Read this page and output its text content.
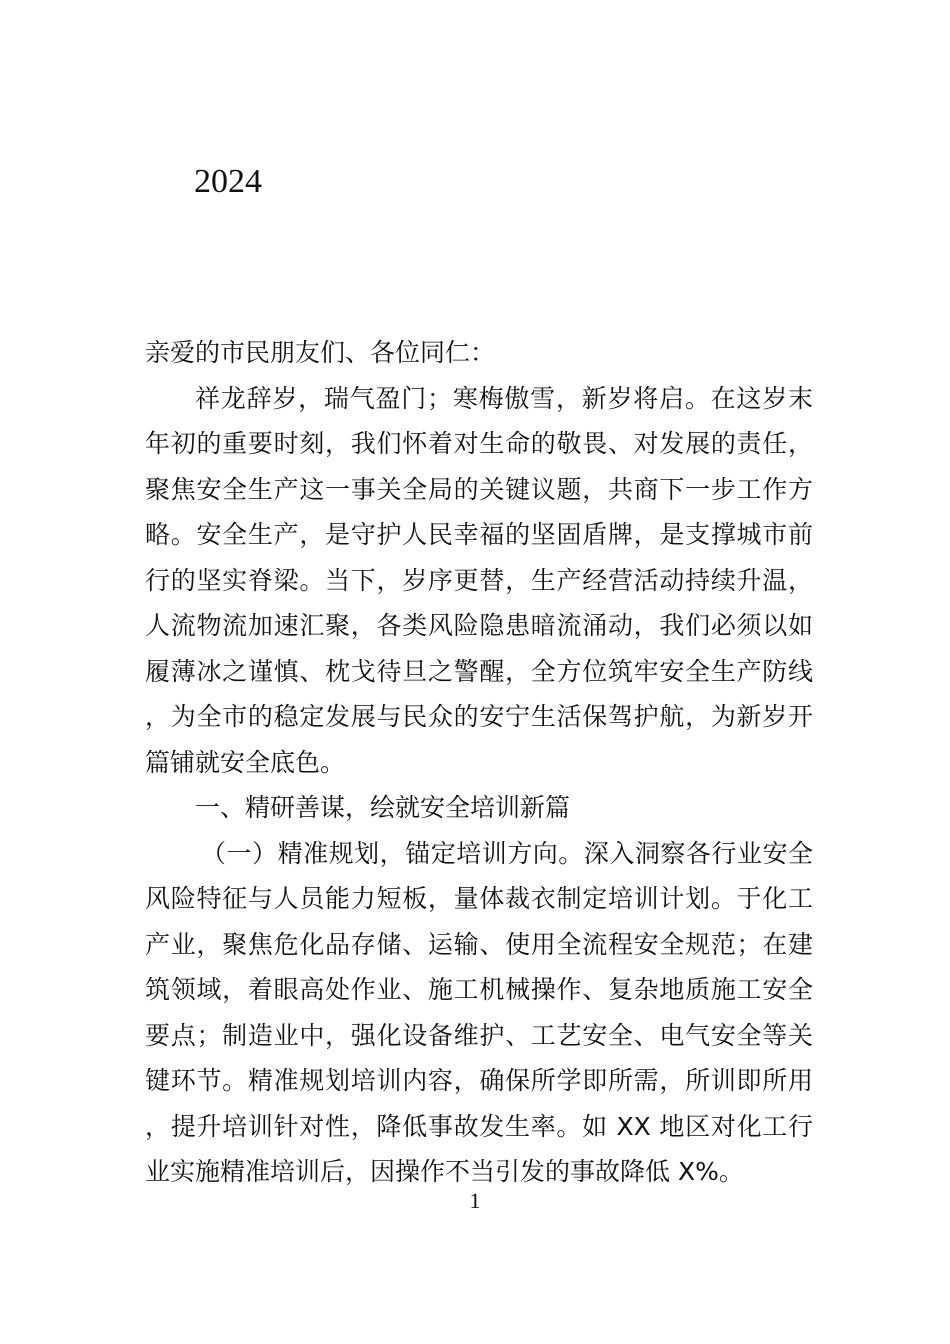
2024

亲爱的市民朋友们、各位同仁：

祥龙辞岁，瑞气盈门；寒梅傲雪，新岁将启。在这岁末年初的重要时刻，我们怀着对生命的敬畏、对发展的责任，聚焦安全生产这一事关全局的关键议题，共商下一步工作方略。安全生产，是守护人民幸福的坚固盾牌，是支撑城市前行的坚实脊梁。当下，岁序更替，生产经营活动持续升温，人流物流加速汇聚，各类风险隐患暗流涌动，我们必须以如履薄冰之谨慎、枕戈待旦之警醒，全方位筑牢安全生产防线，为全市的稳定发展与民众的安宁生活保驾护航，为新岁开篇铺就安全底色。

一、精研善谋，绘就安全培训新篇

（一）精准规划，锚定培训方向。深入洞察各行业安全风险特征与人员能力短板，量体裁衣制定培训计划。于化工产业，聚焦危化品存储、运输、使用全流程安全规范；在建筑领域，着眼高处作业、施工机械操作、复杂地质施工安全要点；制造业中，强化设备维护、工艺安全、电气安全等关键环节。精准规划培训内容，确保所学即所需，所训即所用，提升培训针对性，降低事故发生率。如 XX 地区对化工行业实施精准培训后，因操作不当引发的事故降低 X%。

1
